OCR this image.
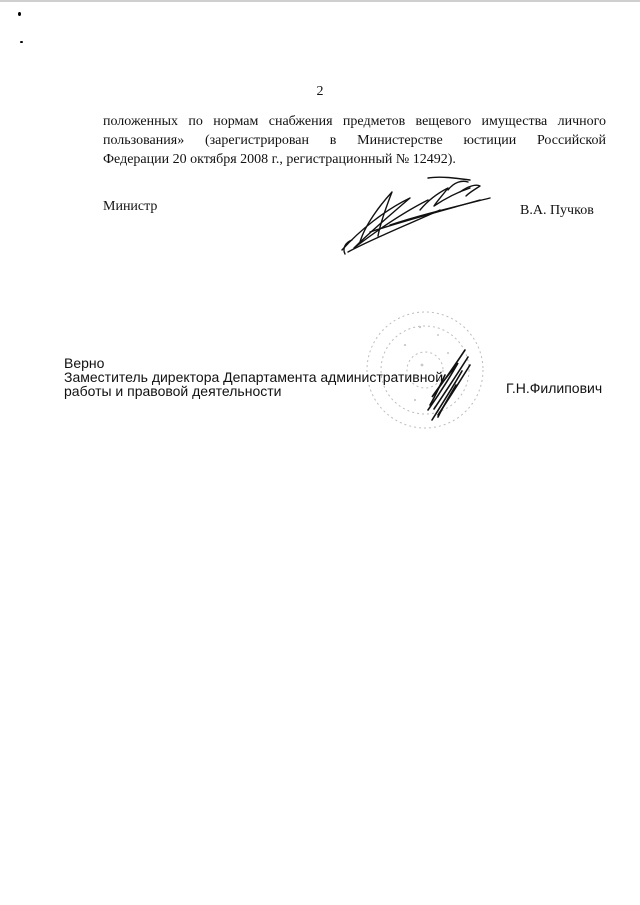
2
положенных по нормам снабжения предметов вещевого имущества личного
пользования» (зарегистрирован в Министерстве юстиции Российской
Федерации 20 октября 2008 г., регистрационный № 12492).
Министр	В.А. Пучков
Верно
Заместитель директора Департамента административной
работы и правовой деятельности	Г.Н.Филипович
